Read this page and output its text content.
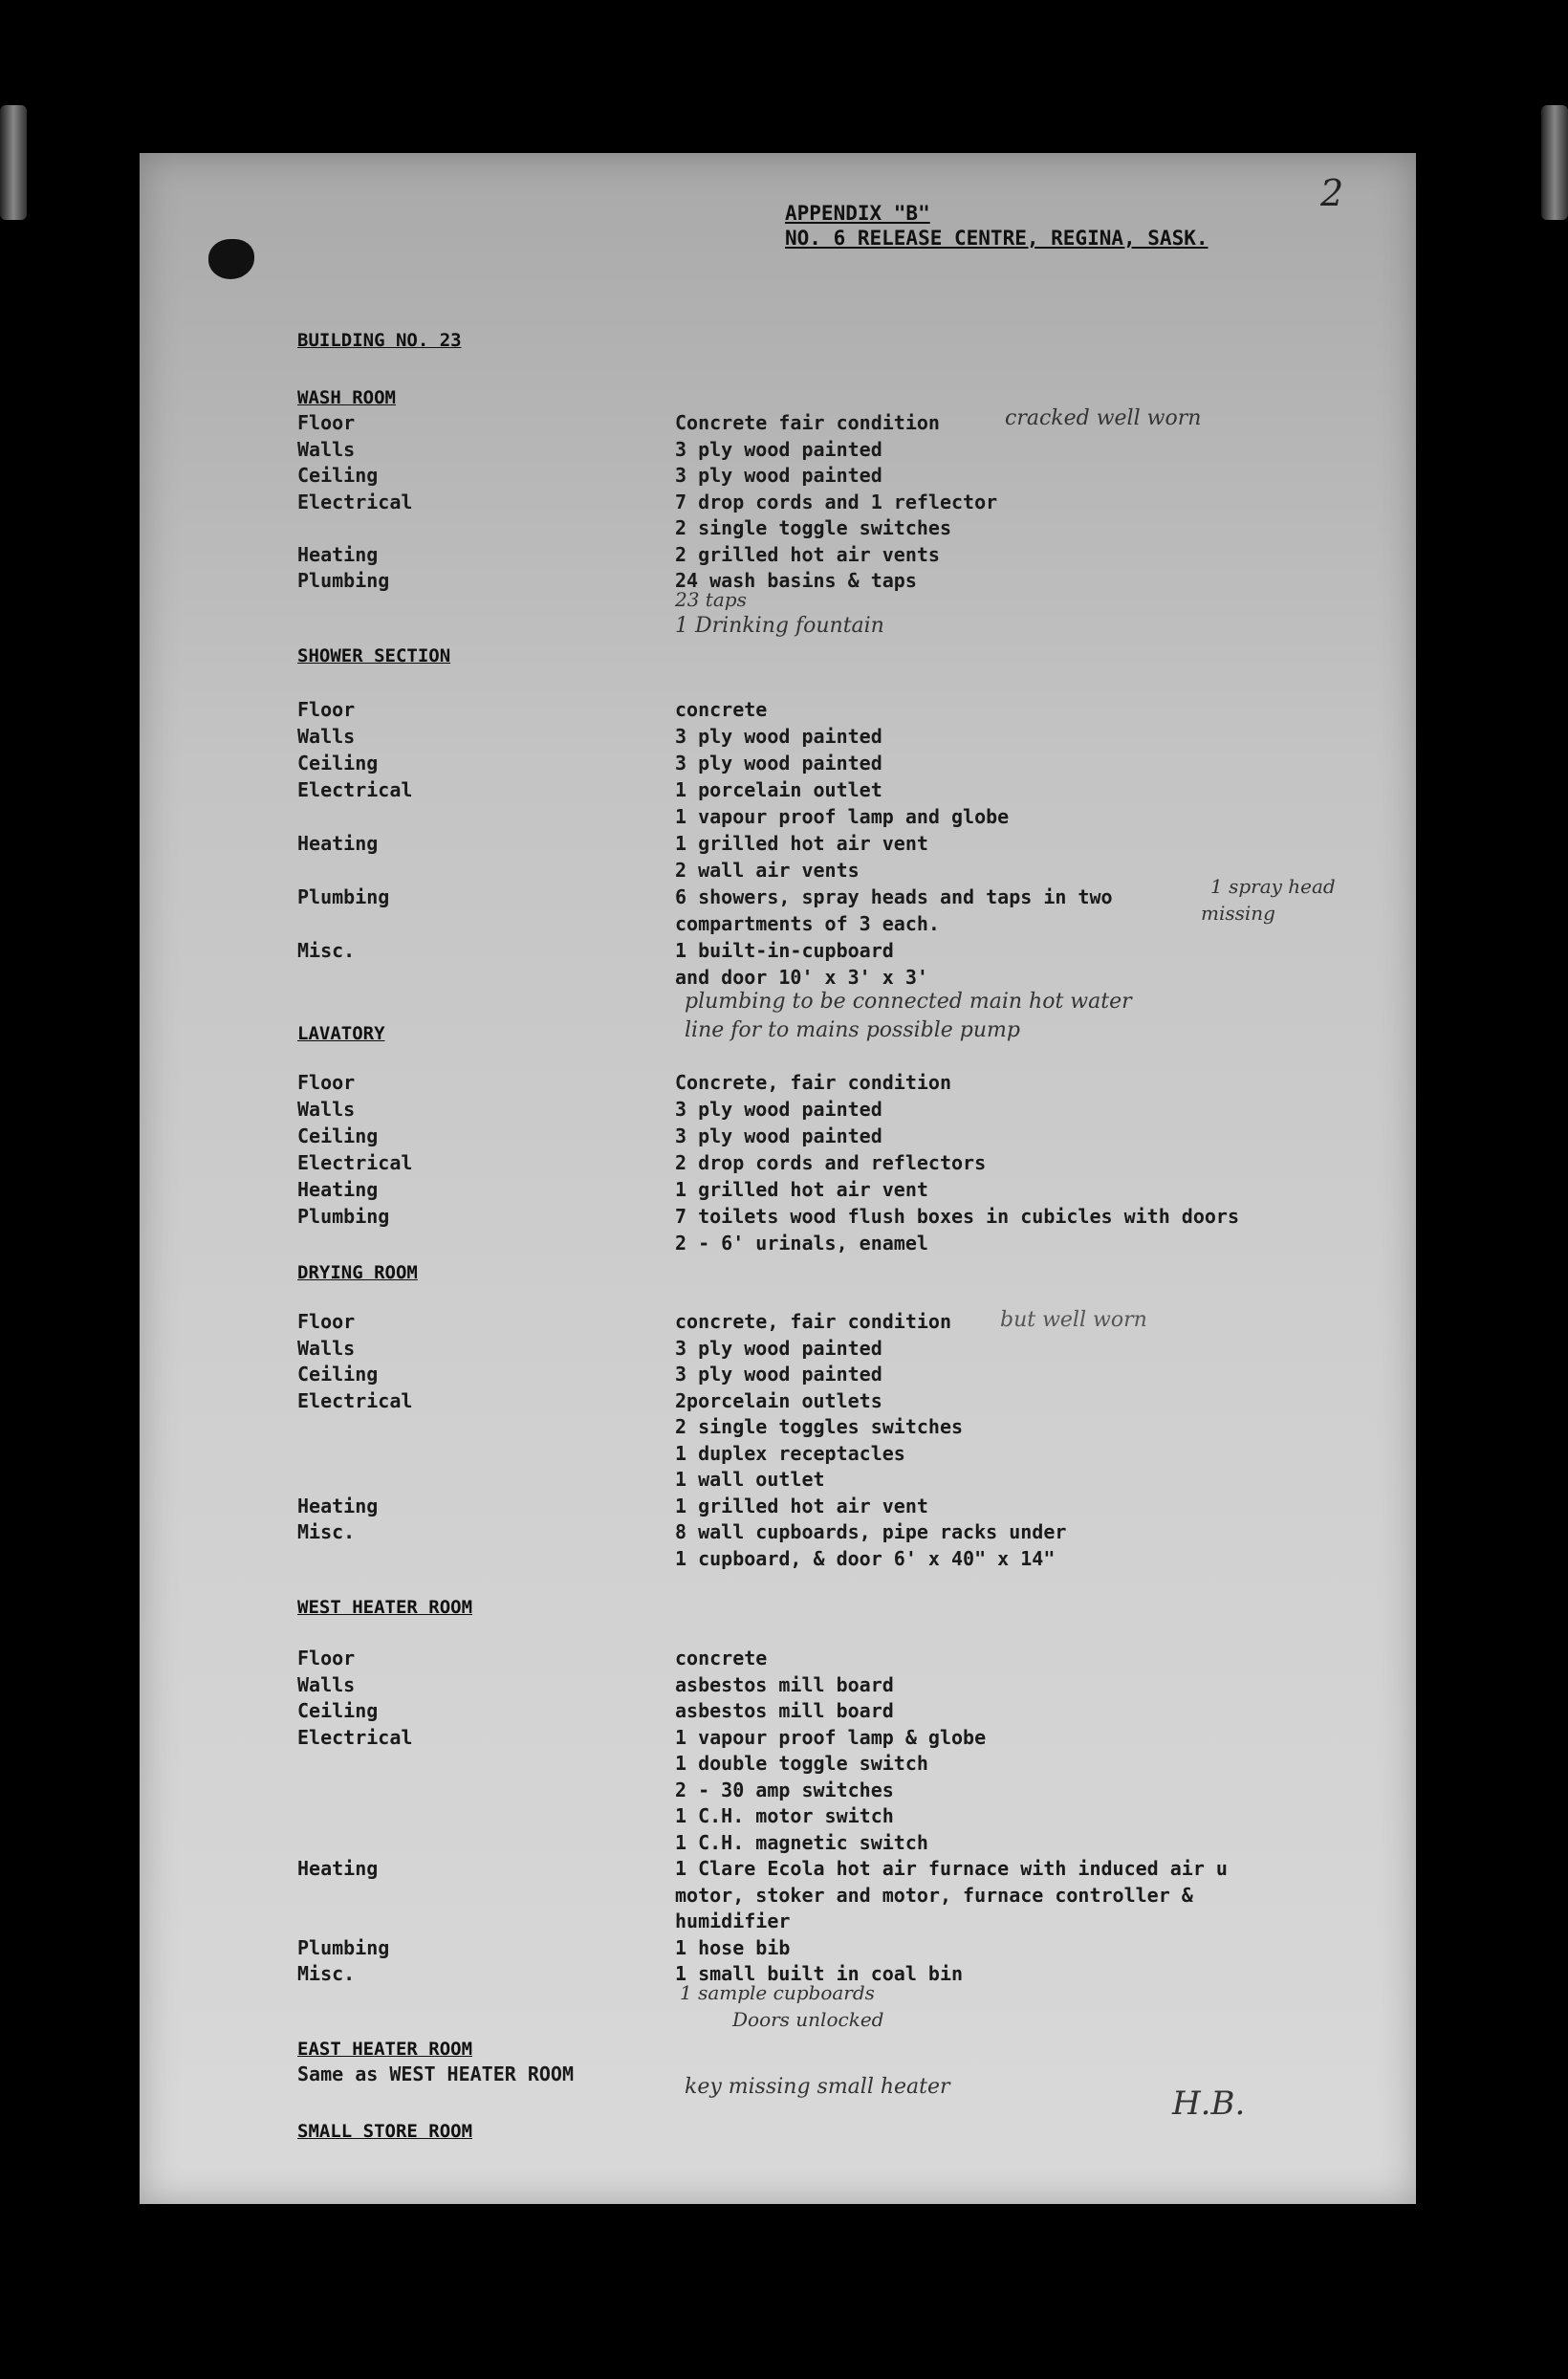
2
APPENDIX "B"
NO. 6 RELEASE CENTRE, REGINA, SASK.
BUILDING NO. 23
WASH ROOM
Floor	Concrete fair condition
Walls	3 ply wood painted
Ceiling	3 ply wood painted
Electrical	7 drop cords and 1 reflector
2 single toggle switches
Heating	2 grilled hot air vents
Plumbing	24 wash basins & taps
SHOWER SECTION
Floor	concrete
Walls	3 ply wood painted
Ceiling	3 ply wood painted
Electrical	1 porcelain outlet
1 vapour proof lamp and globe
Heating	1 grilled hot air vent
2 wall air vents
Plumbing	6 showers, spray heads and taps in two
compartments of 3 each.
Misc.	1 built-in-cupboard
and door 10' x 3' x 3'
LAVATORY
Floor	Concrete, fair condition
Walls	3 ply wood painted
Ceiling	3 ply wood painted
Electrical	2 drop cords and reflectors
Heating	1 grilled hot air vent
Plumbing	7 toilets wood flush boxes in cubicles with doors
2 - 6' urinals, enamel
DRYING ROOM
Floor	concrete, fair condition
Walls	3 ply wood painted
Ceiling	3 ply wood painted
Electrical	2porcelain outlets
2 single toggles switches
1 duplex receptacles
1 wall outlet
Heating	1 grilled hot air vent
Misc.	8 wall cupboards, pipe racks under
1 cupboard, & door 6' x 40" x 14"
WEST HEATER ROOM
Floor	concrete
Walls	asbestos mill board
Ceiling	asbestos mill board
Electrical	1 vapour proof lamp & globe
1 double toggle switch
2 - 30 amp switches
1 C.H. motor switch
1 C.H. magnetic switch
Heating	1 Clare Ecola hot air furnace with induced air u
motor, stoker and motor, furnace controller &
humidifier
Plumbing	1 hose bib
Misc.	1 small built in coal bin
EAST HEATER ROOM
Same as WEST HEATER ROOM
SMALL STORE ROOM
cracked well worn
23 taps
1 Drinking fountain
1 spray head
missing
plumbing to be connected main hot water
line for to mains possible pump
but well worn
1 sample cupboards
Doors unlocked
key missing small heater	H.B.
